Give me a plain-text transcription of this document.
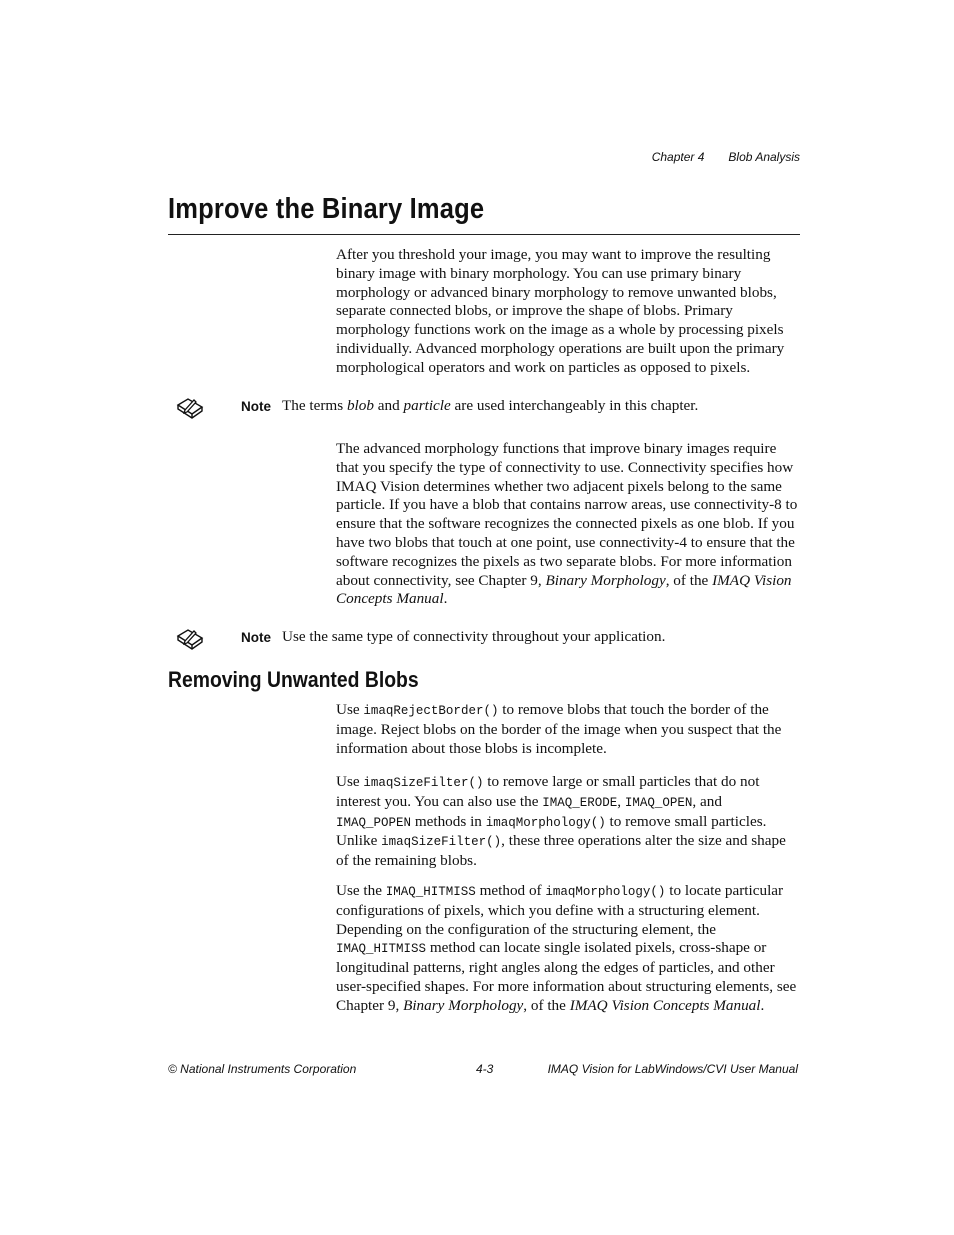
Chapter 4 Blob Analysis
Improve the Binary Image

After you threshold your image, you may want to improve the resulting binary image with binary morphology. You can use primary binary morphology or advanced binary morphology to remove unwanted blobs, separate connected blobs, or improve the shape of blobs. Primary morphology functions work on the image as a whole by processing pixels individually. Advanced morphology operations are built upon the primary morphological operators and work on particles as opposed to pixels.

Note The terms blob and particle are used interchangeably in this chapter.

The advanced morphology functions that improve binary images require that you specify the type of connectivity to use. Connectivity specifies how IMAQ Vision determines whether two adjacent pixels belong to the same particle. If you have a blob that contains narrow areas, use connectivity-8 to ensure that the software recognizes the connected pixels as one blob. If you have two blobs that touch at one point, use connectivity-4 to ensure that the software recognizes the pixels as two separate blobs. For more information about connectivity, see Chapter 9, Binary Morphology, of the IMAQ Vision Concepts Manual.

Note Use the same type of connectivity throughout your application.
Removing Unwanted Blobs

Use imaqRejectBorder() to remove blobs that touch the border of the image. Reject blobs on the border of the image when you suspect that the information about those blobs is incomplete.

Use imaqSizeFilter() to remove large or small particles that do not interest you. You can also use the IMAQ_ERODE, IMAQ_OPEN, and IMAQ_POPEN methods in imaqMorphology() to remove small particles. Unlike imaqSizeFilter(), these three operations alter the size and shape of the remaining blobs.

Use the IMAQ_HITMISS method of imaqMorphology() to locate particular configurations of pixels, which you define with a structuring element. Depending on the configuration of the structuring element, the IMAQ_HITMISS method can locate single isolated pixels, cross-shape or longitudinal patterns, right angles along the edges of particles, and other user-specified shapes. For more information about structuring elements, see Chapter 9, Binary Morphology, of the IMAQ Vision Concepts Manual.

© National Instruments Corporation	4-3	IMAQ Vision for LabWindows/CVI User Manual
